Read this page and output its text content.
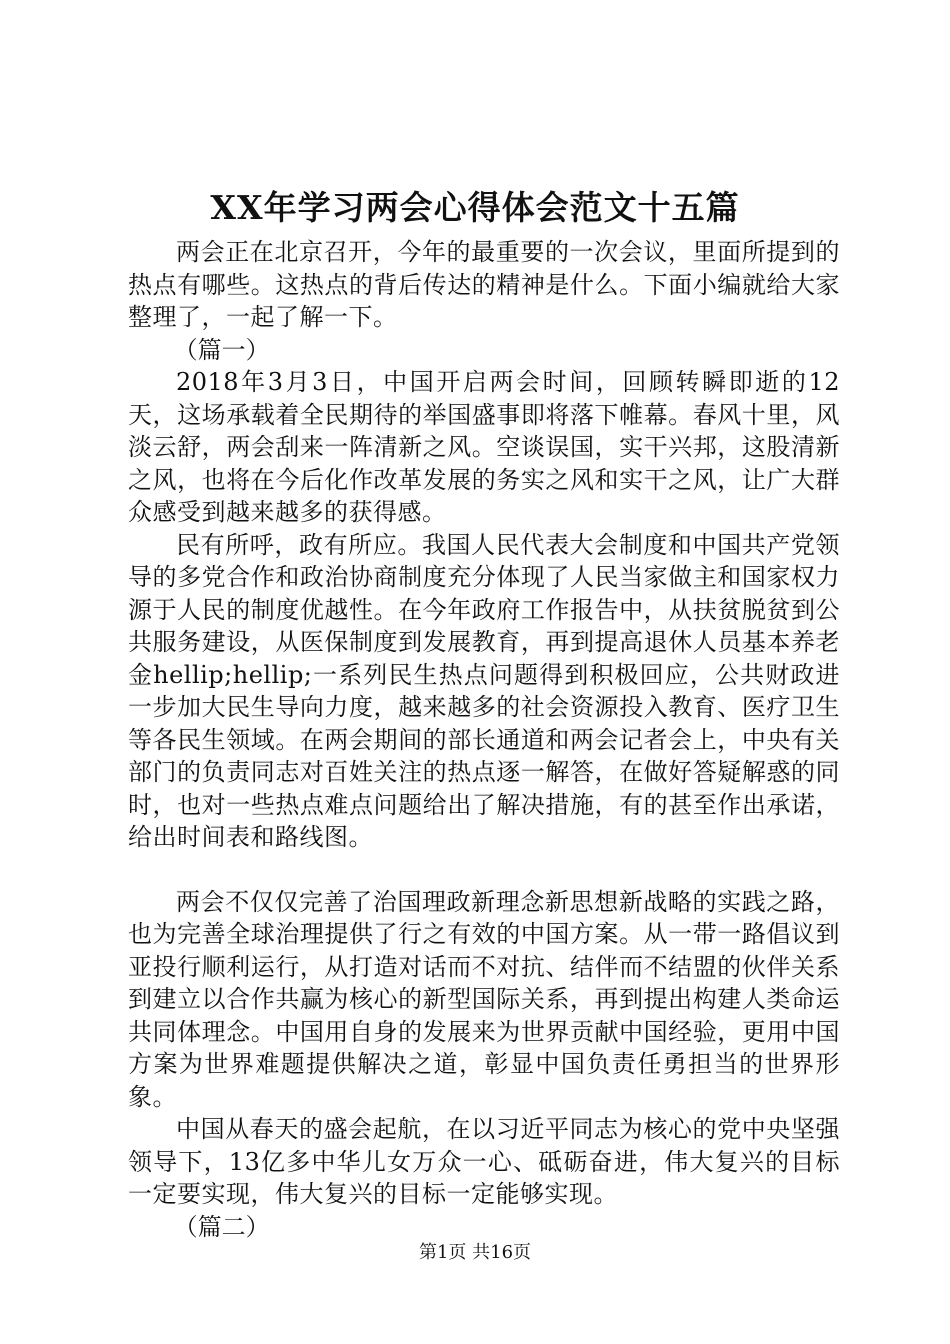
XX年学习两会心得体会范文十五篇

两会正在北京召开，今年的最重要的一次会议，里面所提到的热点有哪些。这热点的背后传达的精神是什么。下面小编就给大家整理了，一起了解一下。

（篇一）

2018年3月3日，中国开启两会时间，回顾转瞬即逝的12天，这场承载着全民期待的举国盛事即将落下帷幕。春风十里，风淡云舒，两会刮来一阵清新之风。空谈误国，实干兴邦，这股清新之风，也将在今后化作改革发展的务实之风和实干之风，让广大群众感受到越来越多的获得感。

民有所呼，政有所应。我国人民代表大会制度和中国共产党领导的多党合作和政治协商制度充分体现了人民当家做主和国家权力源于人民的制度优越性。在今年政府工作报告中，从扶贫脱贫到公共服务建设，从医保制度到发展教育，再到提高退休人员基本养老金hellip;hellip;一系列民生热点问题得到积极回应，公共财政进一步加大民生导向力度，越来越多的社会资源投入教育、医疗卫生等各民生领域。在两会期间的部长通道和两会记者会上，中央有关部门的负责同志对百姓关注的热点逐一解答，在做好答疑解惑的同时，也对一些热点难点问题给出了解决措施，有的甚至作出承诺，给出时间表和路线图。

两会不仅仅完善了治国理政新理念新思想新战略的实践之路，也为完善全球治理提供了行之有效的中国方案。从一带一路倡议到亚投行顺利运行，从打造对话而不对抗、结伴而不结盟的伙伴关系到建立以合作共赢为核心的新型国际关系，再到提出构建人类命运共同体理念。中国用自身的发展来为世界贡献中国经验，更用中国方案为世界难题提供解决之道，彰显中国负责任勇担当的世界形象。

中国从春天的盛会起航，在以习近平同志为核心的党中央坚强领导下，13亿多中华儿女万众一心、砥砺奋进，伟大复兴的目标一定要实现，伟大复兴的目标一定能够实现。

（篇二）

第1页 共16页
